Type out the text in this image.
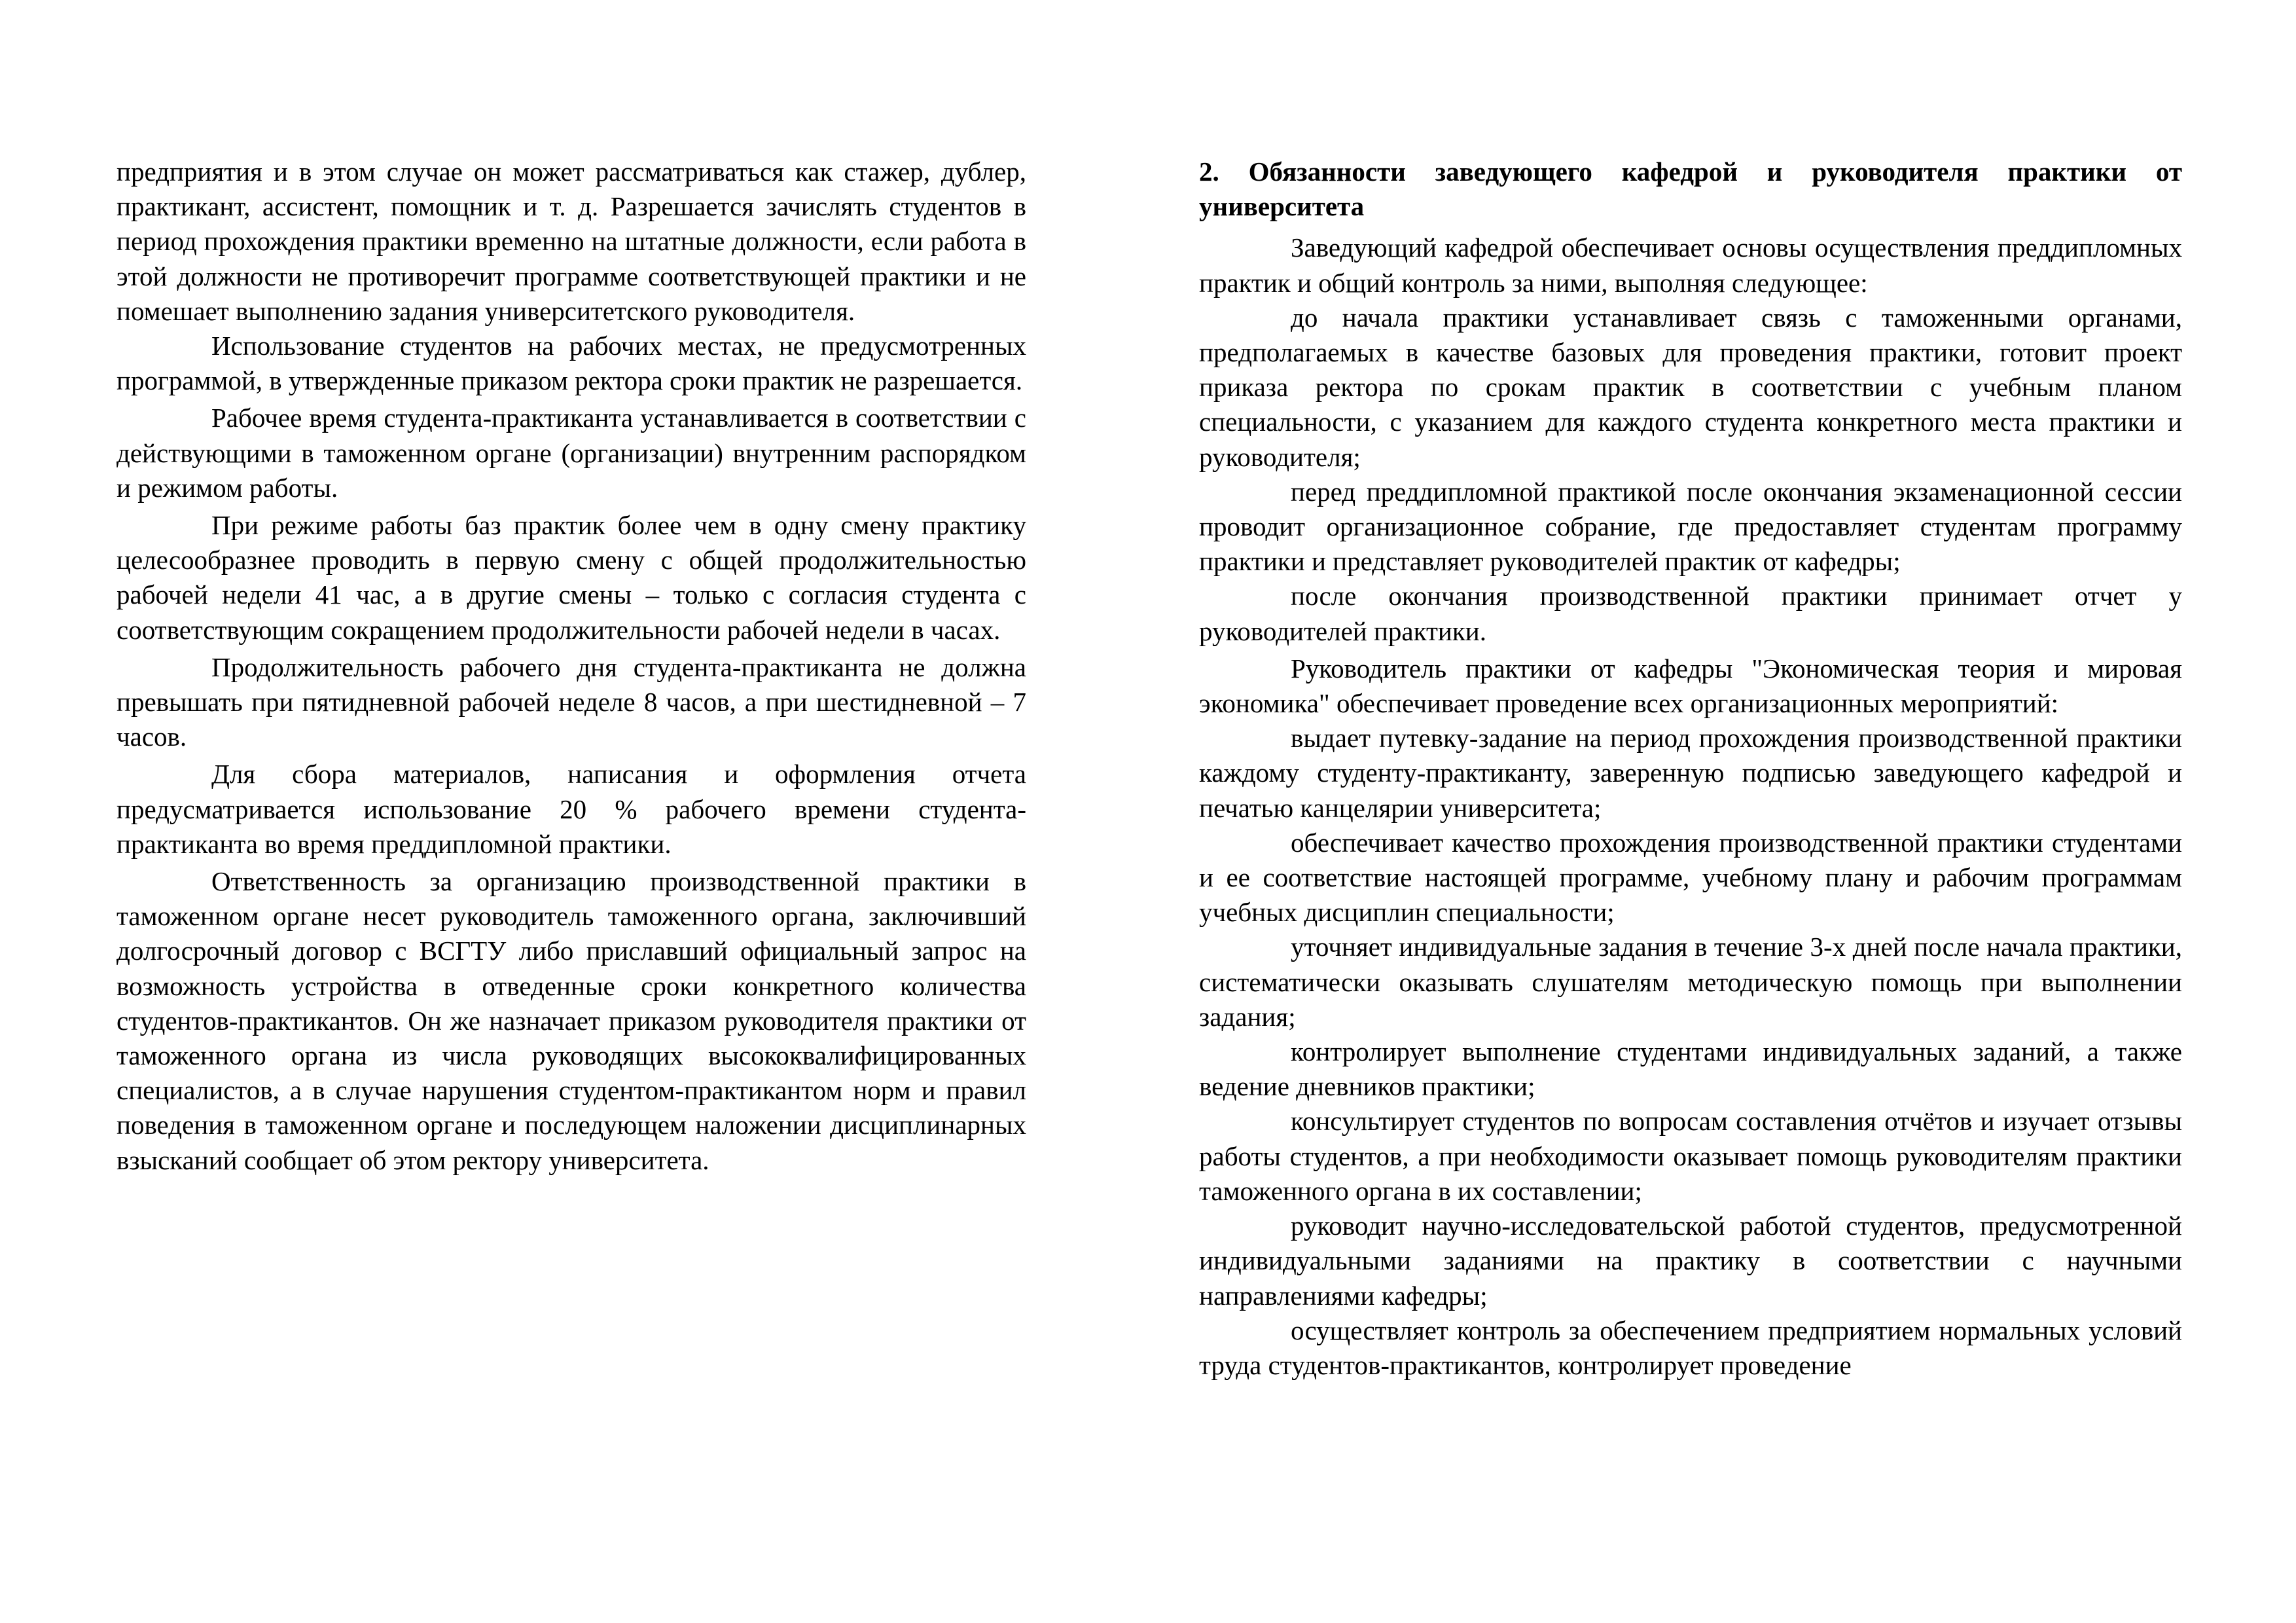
предприятия и в этом случае он может рассматриваться как стажер, дублер, практикант, ассистент, помощник и т. д. Разрешается зачислять студентов в период прохождения практики временно на штатные должности, если работа в этой должности не противоречит программе соответствующей практики и не помешает выполнению задания университетского руководителя.

Использование студентов на рабочих местах, не предусмотренных программой, в утвержденные приказом ректора сроки практик не разрешается.

Рабочее время студента-практиканта устанавливается в соответствии с действующими в таможенном органе (организации) внутренним распорядком и режимом работы.

При режиме работы баз практик более чем в одну смену практику целесообразнее проводить в первую смену с общей продолжительностью рабочей недели 41 час, а в другие смены – только с согласия студента с соответствующим сокращением продолжительности рабочей недели в часах.

Продолжительность рабочего дня студента-практиканта не должна превышать при пятидневной рабочей неделе 8 часов, а при шестидневной – 7 часов.

Для сбора материалов, написания и оформления отчета предусматривается использование 20 % рабочего времени студента-практиканта во время преддипломной практики.

Ответственность за организацию производственной практики в таможенном органе несет руководитель таможенного органа, заключивший долгосрочный договор с ВСГТУ либо приславший официальный запрос на возможность устройства в отведенные сроки конкретного количества студентов-практикантов. Он же назначает приказом руководителя практики от таможенного органа из числа руководящих высококвалифицированных специалистов, а в случае нарушения студентом-практикантом норм и правил поведения в таможенном органе и последующем наложении дисциплинарных взысканий сообщает об этом ректору университета.

2. Обязанности заведующего кафедрой и руководителя практики от университета

Заведующий кафедрой обеспечивает основы осуществления преддипломных практик и общий контроль за ними, выполняя следующее:

до начала практики устанавливает связь с таможенными органами, предполагаемых в качестве базовых для проведения практики, готовит проект приказа ректора по срокам практик в соответствии с учебным планом специальности, с указанием для каждого студента конкретного места практики и руководителя;

перед преддипломной практикой после окончания экзаменационной сессии проводит организационное собрание, где предоставляет студентам программу практики и представляет руководителей практик от кафедры;

после окончания производственной практики принимает отчет у руководителей практики.

Руководитель практики от кафедры "Экономическая теория и мировая экономика" обеспечивает проведение всех организационных мероприятий:

выдает путевку-задание на период прохождения производственной практики каждому студенту-практиканту, заверенную подписью заведующего кафедрой и печатью канцелярии университета;

обеспечивает качество прохождения производственной практики студентами и ее соответствие настоящей программе, учебному плану и рабочим программам учебных дисциплин специальности;

уточняет индивидуальные задания в течение 3-х дней после начала практики, систематически оказывать слушателям методическую помощь при выполнении задания;

контролирует выполнение студентами индивидуальных заданий, а также ведение дневников практики;

консультирует студентов по вопросам составления отчётов и изучает отзывы работы студентов, а при необходимости оказывает помощь руководителям практики таможенного органа в их составлении;

руководит научно-исследовательской работой студентов, предусмотренной индивидуальными заданиями на практику в соответствии с научными направлениями кафедры;

осуществляет контроль за обеспечением предприятием нормальных условий труда студентов-практикантов, контролирует проведение
